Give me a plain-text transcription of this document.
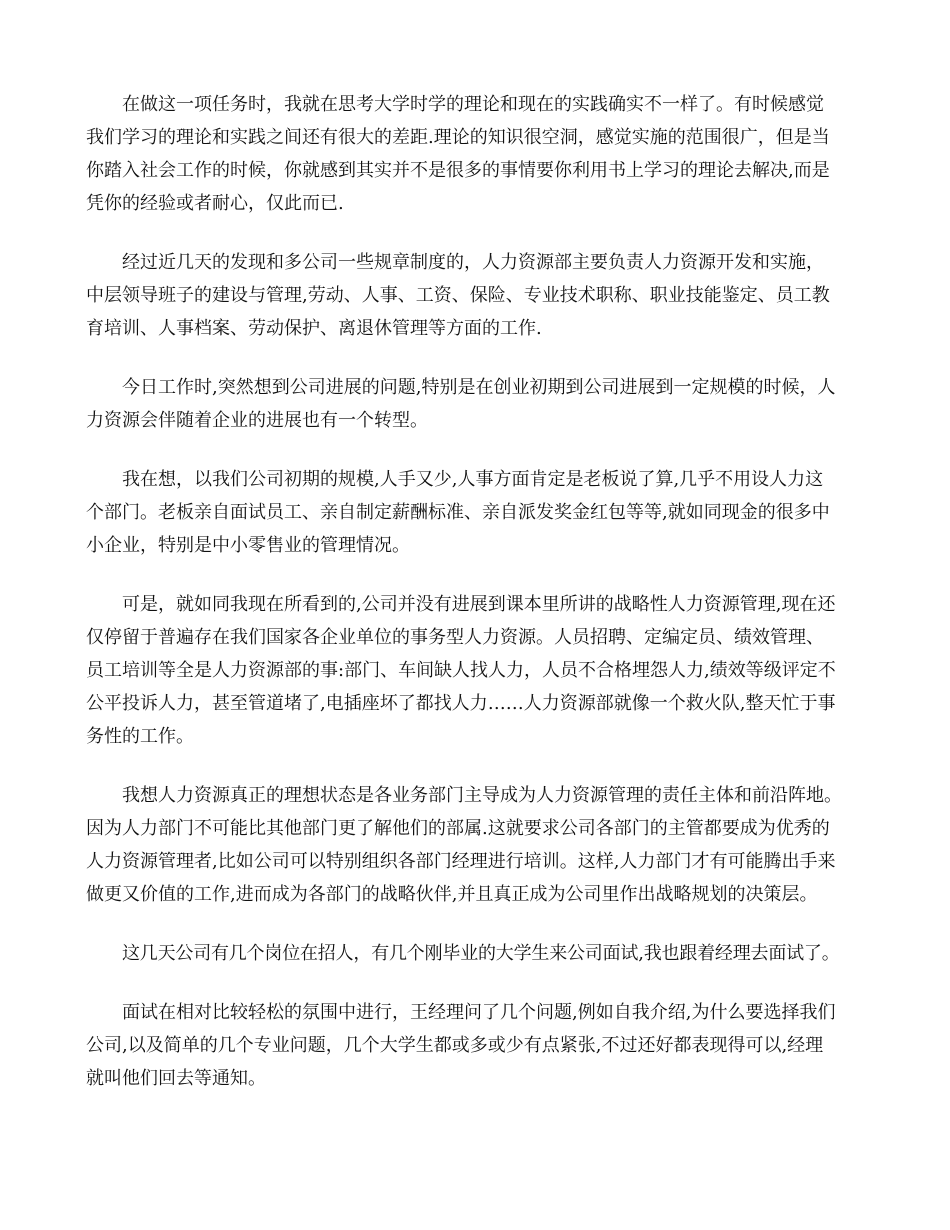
在做这一项任务时，我就在思考大学时学的理论和现在的实践确实不一样了。有时候感觉
我们学习的理论和实践之间还有很大的差距.理论的知识很空洞，感觉实施的范围很广，但是当
你踏入社会工作的时候，你就感到其实并不是很多的事情要你利用书上学习的理论去解决,而是
凭你的经验或者耐心，仅此而已.
经过近几天的发现和多公司一些规章制度的，人力资源部主要负责人力资源开发和实施，
中层领导班子的建设与管理,劳动、人事、工资、保险、专业技术职称、职业技能鉴定、员工教
育培训、人事档案、劳动保护、离退休管理等方面的工作.
今日工作时,突然想到公司进展的问题,特别是在创业初期到公司进展到一定规模的时候，人
力资源会伴随着企业的进展也有一个转型。
我在想，以我们公司初期的规模,人手又少,人事方面肯定是老板说了算,几乎不用设人力这
个部门。老板亲自面试员工、亲自制定薪酬标准、亲自派发奖金红包等等,就如同现金的很多中
小企业，特别是中小零售业的管理情况。
可是，就如同我现在所看到的,公司并没有进展到课本里所讲的战略性人力资源管理,现在还
仅停留于普遍存在我们国家各企业单位的事务型人力资源。人员招聘、定编定员、绩效管理、
员工培训等全是人力资源部的事:部门、车间缺人找人力，人员不合格埋怨人力,绩效等级评定不
公平投诉人力，甚至管道堵了,电插座坏了都找人力……人力资源部就像一个救火队,整天忙于事
务性的工作。
我想人力资源真正的理想状态是各业务部门主导成为人力资源管理的责任主体和前沿阵地。
因为人力部门不可能比其他部门更了解他们的部属.这就要求公司各部门的主管都要成为优秀的
人力资源管理者,比如公司可以特别组织各部门经理进行培训。这样,人力部门才有可能腾出手来
做更又价值的工作,进而成为各部门的战略伙伴,并且真正成为公司里作出战略规划的决策层。
这几天公司有几个岗位在招人，有几个刚毕业的大学生来公司面试,我也跟着经理去面试了。
面试在相对比较轻松的氛围中进行，王经理问了几个问题,例如自我介绍,为什么要选择我们
公司,以及简单的几个专业问题，几个大学生都或多或少有点紧张,不过还好都表现得可以,经理
就叫他们回去等通知。
